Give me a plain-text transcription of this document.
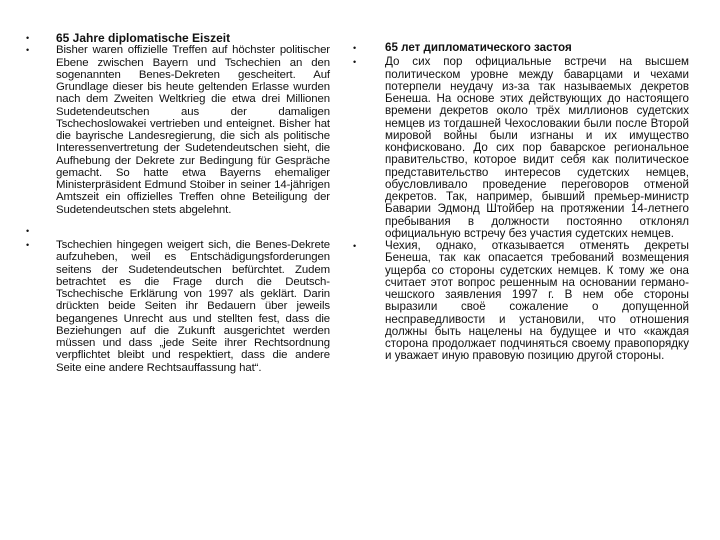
•	65 Jahre diplomatische Eiszeit
•	Bisher waren offizielle Treffen auf höchster politischer Ebene zwischen Bayern und Tschechien an den sogenannten Benes-Dekreten gescheitert. Auf Grundlage dieser bis heute geltenden Erlasse wurden nach dem Zweiten Weltkrieg die etwa drei Millionen Sudetendeutschen aus der damaligen Tschechoslowakei vertrieben und enteignet. Bisher hat die bayrische Landesregierung, die sich als politische Interessenvertretung der Sudetendeutschen sieht, die Aufhebung der Dekrete zur Bedingung für Gespräche gemacht. So hatte etwa Bayerns ehemaliger Ministerpräsident Edmund Stoiber in seiner 14-jährigen Amtszeit ein offizielles Treffen ohne Beteiligung der Sudetendeutschen stets abgelehnt.
•
•	Tschechien hingegen weigert sich, die Benes-Dekrete aufzuheben, weil es Entschädigungsforderungen seitens der Sudetendeutschen befürchtet. Zudem betrachtet es die Frage durch die Deutsch-Tschechische Erklärung von 1997 als geklärt. Darin drückten beide Seiten ihr Bedauern über jeweils begangenes Unrecht aus und stellten fest, dass die Beziehungen auf die Zukunft ausgerichtet werden müssen und dass „jede Seite ihrer Rechtsordnung verpflichtet bleibt und respektiert, dass die andere Seite eine andere Rechtsauffassung hat“.
•	65 лет дипломатического застоя
•	До сих пор официальные встречи на высшем политическом уровне между баварцами и чехами потерпели неудачу из-за так называемых декретов Бенеша. На основе этих действующих до настоящего времени декретов около трёх миллионов судетских немцев из тогдашней Чехословакии были после Второй мировой войны были изгнаны и их имущество конфисковано. До сих пор баварское региональное правительство, которое видит себя как политическое представительство интересов судетских немцев, обусловливало проведение переговоров отменой декретов. Так, например, бывший премьер-министр Баварии Эдмонд Штойбер на протяжении 14-летнего пребывания в должности постоянно отклонял официальную встречу без участия судетских немцев.
•	Чехия, однако, отказывается отменять декреты Бенеша, так как опасается требований возмещения ущерба со стороны судетских немцев. К тому же она считает этот вопрос решенным на основании германо-чешского заявления 1997 г. В нем обе стороны выразили своё сожаление о допущенной несправедливости и установили, что отношения должны быть нацелены на будущее и что «каждая сторона продолжает подчиняться своему правопорядку и уважает иную правовую позицию другой стороны.
